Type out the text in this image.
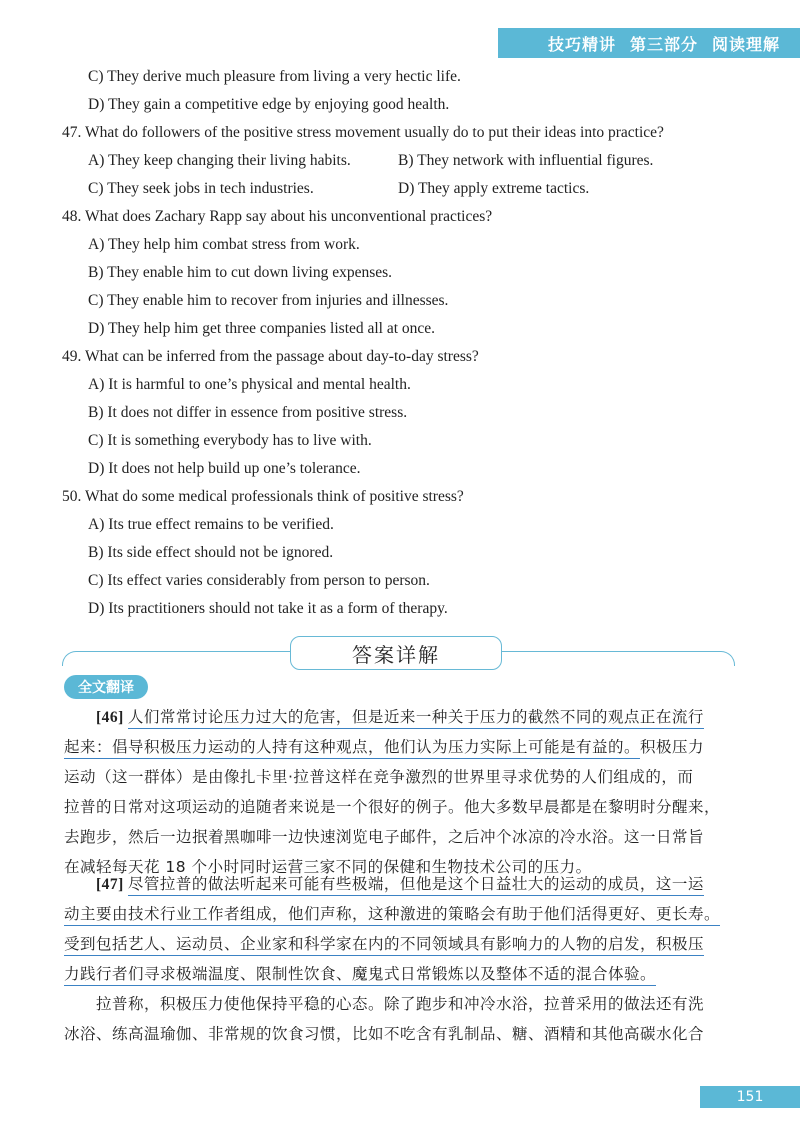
技巧精讲 第三部分 阅读理解
C) They derive much pleasure from living a very hectic life.
D) They gain a competitive edge by enjoying good health.
47. What do followers of the positive stress movement usually do to put their ideas into practice?
A) They keep changing their living habits.	B) They network with influential figures.
C) They seek jobs in tech industries.	D) They apply extreme tactics.
48. What does Zachary Rapp say about his unconventional practices?
A) They help him combat stress from work.
B) They enable him to cut down living expenses.
C) They enable him to recover from injuries and illnesses.
D) They help him get three companies listed all at once.
49. What can be inferred from the passage about day-to-day stress?
A) It is harmful to one’s physical and mental health.
B) It does not differ in essence from positive stress.
C) It is something everybody has to live with.
D) It does not help build up one’s tolerance.
50. What do some medical professionals think of positive stress?
A) Its true effect remains to be verified.
B) Its side effect should not be ignored.
C) Its effect varies considerably from person to person.
D) Its practitioners should not take it as a form of therapy.
答案详解
全文翻译
[46] 人们常常讨论压力过大的危害，但是近来一种关于压力的截然不同的观点正在流行
起来：倡导积极压力运动的人持有这种观点，他们认为压力实际上可能是有益的。积极压力
运动（这一群体）是由像扎卡里·拉普这样在竞争激烈的世界里寻求优势的人们组成的，而
拉普的日常对这项运动的追随者来说是一个很好的例子。他大多数早晨都是在黎明时分醒来，
去跑步，然后一边抿着黑咖啡一边快速浏览电子邮件，之后冲个冰凉的冷水浴。这一日常旨
在减轻每天花 18 个小时同时运营三家不同的保健和生物技术公司的压力。
[47] 尽管拉普的做法听起来可能有些极端，但他是这个日益壮大的运动的成员，这一运
动主要由技术行业工作者组成，他们声称，这种激进的策略会有助于他们活得更好、更长寿。
受到包括艺人、运动员、企业家和科学家在内的不同领域具有影响力的人物的启发，积极压
力践行者们寻求极端温度、限制性饮食、魔鬼式日常锻炼以及整体不适的混合体验。
拉普称，积极压力使他保持平稳的心态。除了跑步和冲冷水浴，拉普采用的做法还有洗
冰浴、练高温瑜伽、非常规的饮食习惯，比如不吃含有乳制品、糖、酒精和其他高碳水化合
151
